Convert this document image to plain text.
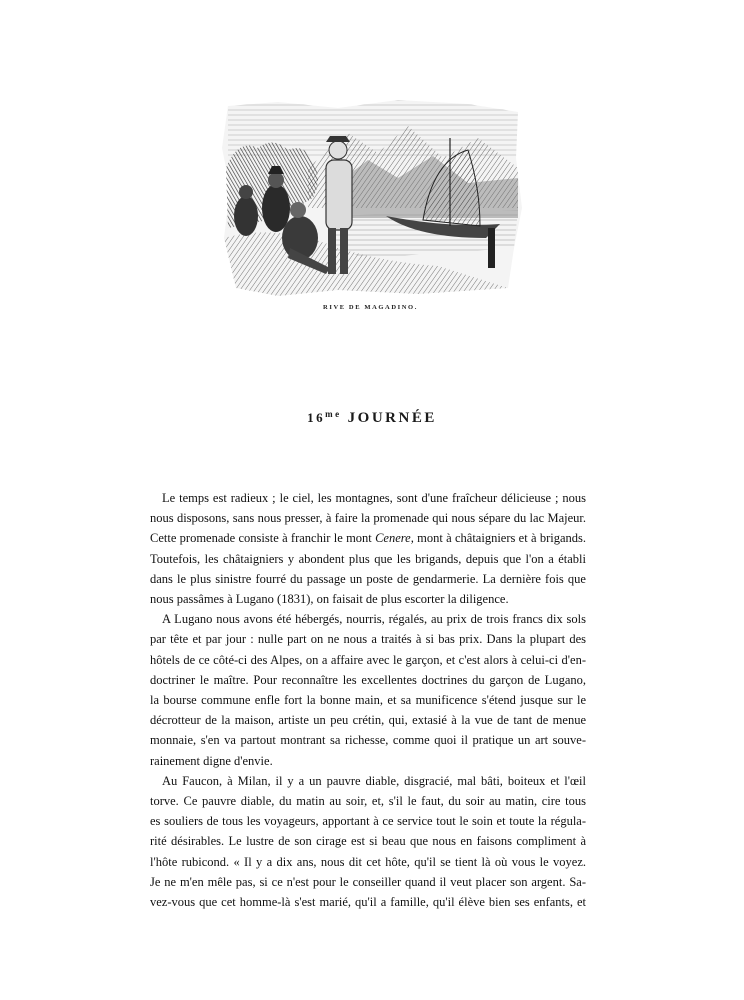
RIVE DE MAGADINO.
$16^{me}$ JOURNÉE
Le temps est radieux ; le ciel, les montagnes, sont d'une fraîcheur délicieuse ; nous
nous disposons, sans nous presser, à faire la promenade qui nous sépare du lac Majeur.
Cette promenade consiste à franchir le mont Cenere, mont à châtaigniers et à brigands.
Toutefois, les châtaigniers y abondent plus que les brigands, depuis que l'on a établi
dans le plus sinistre fourré du passage un poste de gendarmerie. La dernière fois que
nous passâmes à Lugano (1831), on faisait de plus escorter la diligence.
A Lugano nous avons été hébergés, nourris, régalés, au prix de trois francs dix sols
par tête et par jour : nulle part on ne nous a traités à si bas prix. Dans la plupart des
hôtels de ce côté-ci des Alpes, on a affaire avec le garçon, et c'est alors à celui-ci d'en-
doctriner le maître. Pour reconnaître les excellentes doctrines du garçon de Lugano,
la bourse commune enfle fort la bonne main, et sa munificence s'étend jusque sur le
décrotteur de la maison, artiste un peu crétin, qui, extasié à la vue de tant de menue
monnaie, s'en va partout montrant sa richesse, comme quoi il pratique un art souve-
rainement digne d'envie.
Au Faucon, à Milan, il y a un pauvre diable, disgracié, mal bâti, boiteux et l'œil
torve. Ce pauvre diable, du matin au soir, et, s'il le faut, du soir au matin, cire tous
es souliers de tous les voyageurs, apportant à ce service tout le soin et toute la régula-
rité désirables. Le lustre de son cirage est si beau que nous en faisons compliment à
l'hôte rubicond. « Il y a dix ans, nous dit cet hôte, qu'il se tient là où vous le voyez.
Je ne m'en mêle pas, si ce n'est pour le conseiller quand il veut placer son argent. Sa-
vez-vous que cet homme-là s'est marié, qu'il a famille, qu'il élève bien ses enfants, et
